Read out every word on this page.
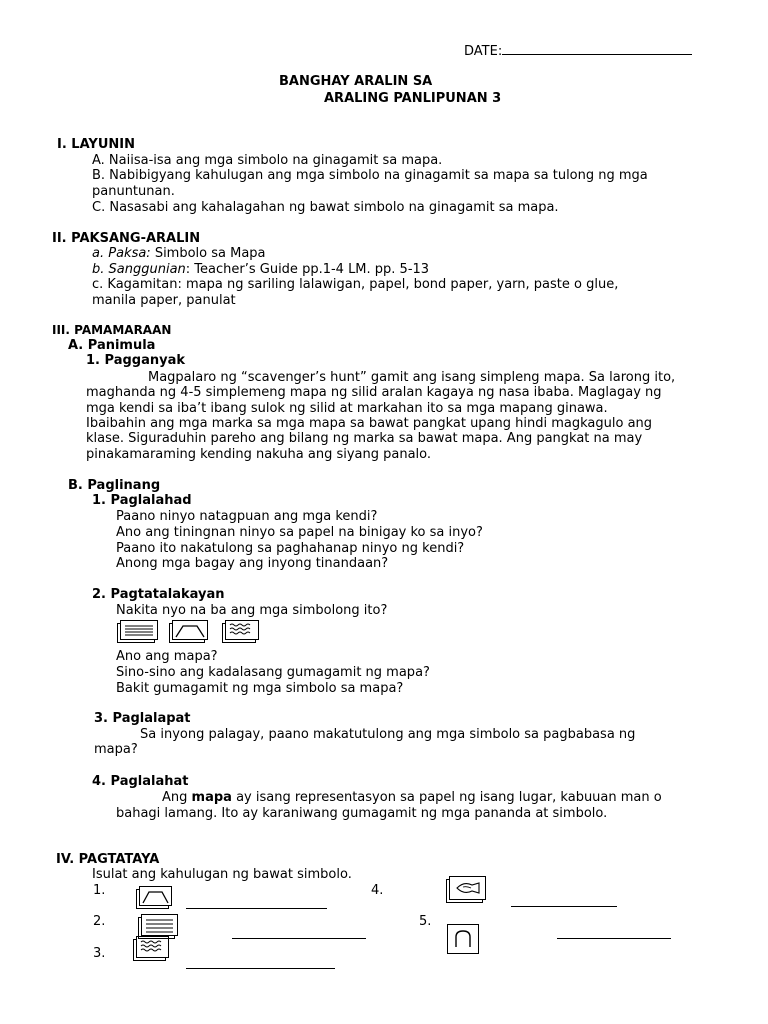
DATE:
BANGHAY ARALIN SA
ARALING PANLIPUNAN 3
I. LAYUNIN
A. Naiisa-isa ang mga simbolo na ginagamit sa mapa.
B. Nabibigyang kahulugan ang mga simbolo na ginagamit sa mapa sa tulong ng mga
panuntunan.
C. Nasasabi ang kahalagahan ng bawat simbolo na ginagamit sa mapa.
II. PAKSANG-ARALIN
a. Paksa: Simbolo sa Mapa
b. Sanggunian: Teacher’s Guide pp.1-4 LM. pp. 5-13
c. Kagamitan: mapa ng sariling lalawigan, papel, bond paper, yarn, paste o glue,
manila paper, panulat
III. PAMAMARAAN
A. Panimula
1. Pagganyak
Magpalaro ng “scavenger’s hunt” gamit ang isang simpleng mapa. Sa larong ito,
maghanda ng 4-5 simplemeng mapa ng silid aralan kagaya ng nasa ibaba. Maglagay ng
mga kendi sa iba’t ibang sulok ng silid at markahan ito sa mga mapang ginawa.
Ibaibahin ang mga marka sa mga mapa sa bawat pangkat upang hindi magkagulo ang
klase. Siguraduhin pareho ang bilang ng marka sa bawat mapa. Ang pangkat na may
pinakamaraming kending nakuha ang siyang panalo.
B. Paglinang
1. Paglalahad
Paano ninyo natagpuan ang mga kendi?
Ano ang tiningnan ninyo sa papel na binigay ko sa inyo?
Paano ito nakatulong sa paghahanap ninyo ng kendi?
Anong mga bagay ang inyong tinandaan?
2. Pagtatalakayan
Nakita nyo na ba ang mga simbolong ito?
Ano ang mapa?
Sino-sino ang kadalasang gumagamit ng mapa?
Bakit gumagamit ng mga simbolo sa mapa?
3. Paglalapat
Sa inyong palagay, paano makatutulong ang mga simbolo sa pagbabasa ng
mapa?
4. Paglalahat
Ang mapa ay isang representasyon sa papel ng isang lugar, kabuuan man o
bahagi lamang. Ito ay karaniwang gumagamit ng mga pananda at simbolo.
IV. PAGTATAYA
Isulat ang kahulugan ng bawat simbolo.
1.	4.
2.	5.
3.
